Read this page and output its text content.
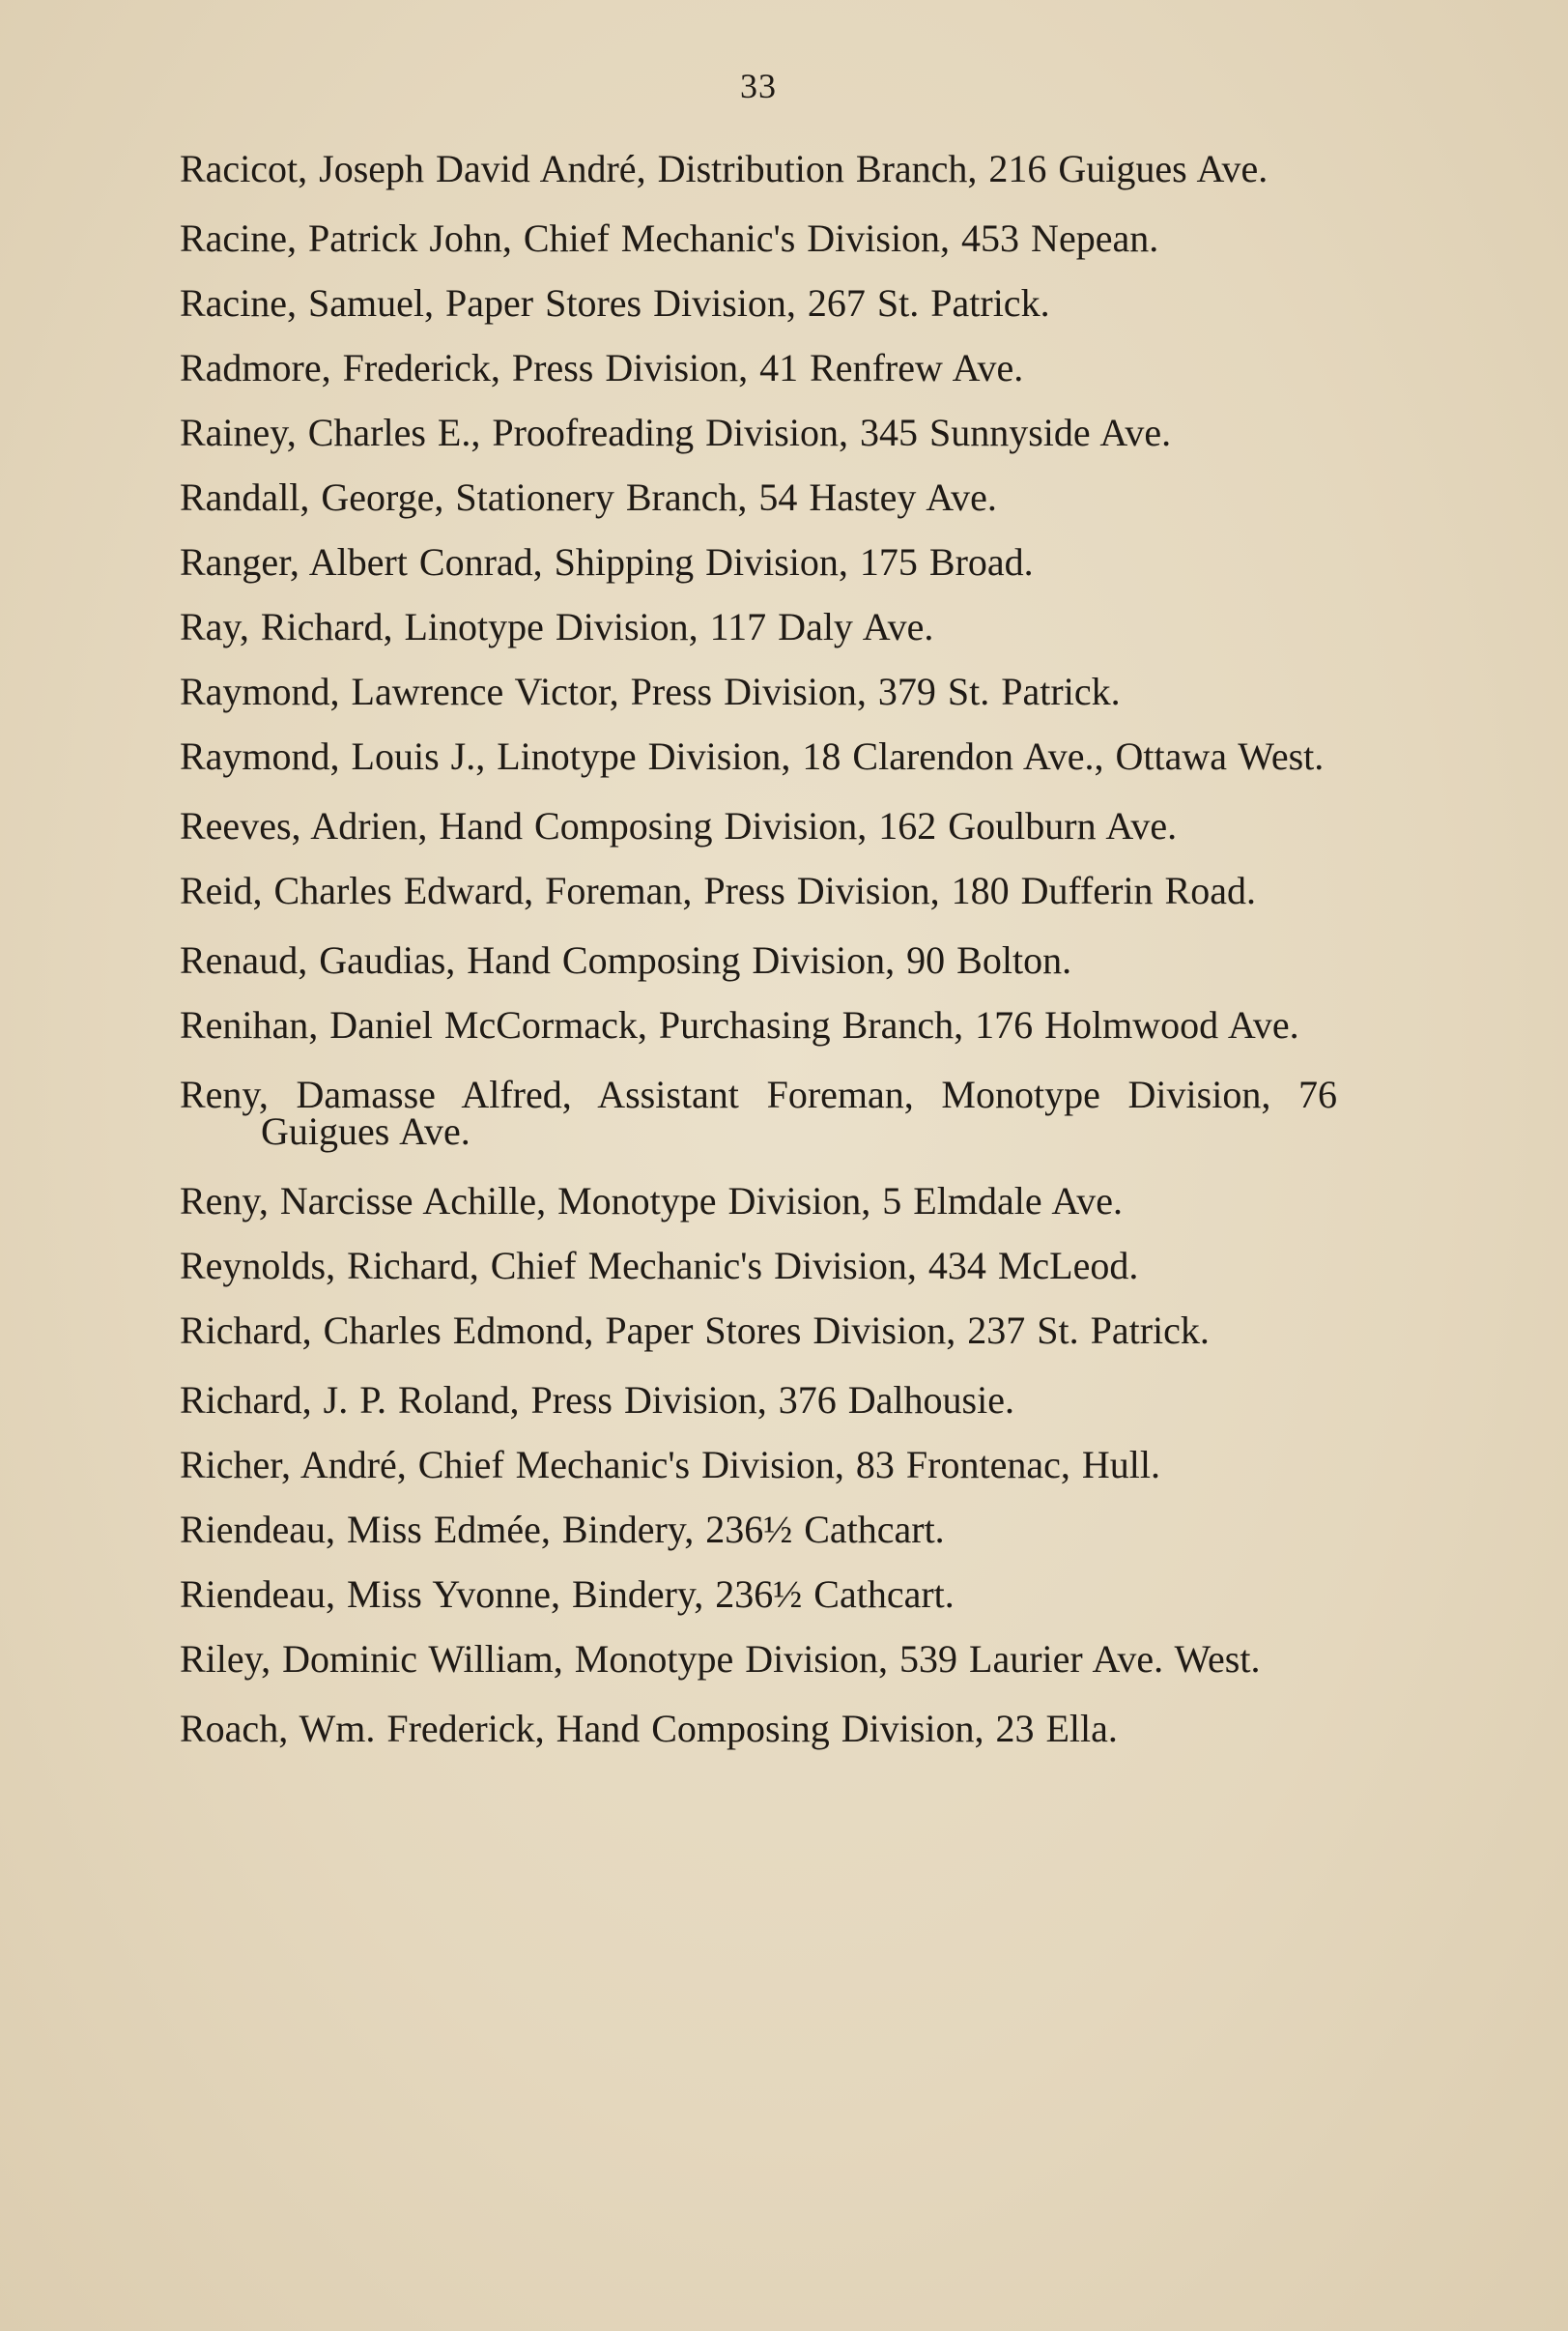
33
Racicot, Joseph David André, Distribution Branch, 216 Guigues Ave.
Racine, Patrick John, Chief Mechanic's Division, 453 Nepean.
Racine, Samuel, Paper Stores Division, 267 St. Patrick.
Radmore, Frederick, Press Division, 41 Renfrew Ave.
Rainey, Charles E., Proofreading Division, 345 Sunnyside Ave.
Randall, George, Stationery Branch, 54 Hastey Ave.
Ranger, Albert Conrad, Shipping Division, 175 Broad.
Ray, Richard, Linotype Division, 117 Daly Ave.
Raymond, Lawrence Victor, Press Division, 379 St. Patrick.
Raymond, Louis J., Linotype Division, 18 Clarendon Ave., Ottawa West.
Reeves, Adrien, Hand Composing Division, 162 Goulburn Ave.
Reid, Charles Edward, Foreman, Press Division, 180 Dufferin Road.
Renaud, Gaudias, Hand Composing Division, 90 Bolton.
Renihan, Daniel McCormack, Purchasing Branch, 176 Holmwood Ave.
Reny, Damasse Alfred, Assistant Foreman, Monotype Division, 76 Guigues Ave.
Reny, Narcisse Achille, Monotype Division, 5 Elmdale Ave.
Reynolds, Richard, Chief Mechanic's Division, 434 McLeod.
Richard, Charles Edmond, Paper Stores Division, 237 St. Patrick.
Richard, J. P. Roland, Press Division, 376 Dalhousie.
Richer, André, Chief Mechanic's Division, 83 Frontenac, Hull.
Riendeau, Miss Edmée, Bindery, 236½ Cathcart.
Riendeau, Miss Yvonne, Bindery, 236½ Cathcart.
Riley, Dominic William, Monotype Division, 539 Laurier Ave. West.
Roach, Wm. Frederick, Hand Composing Division, 23 Ella.
